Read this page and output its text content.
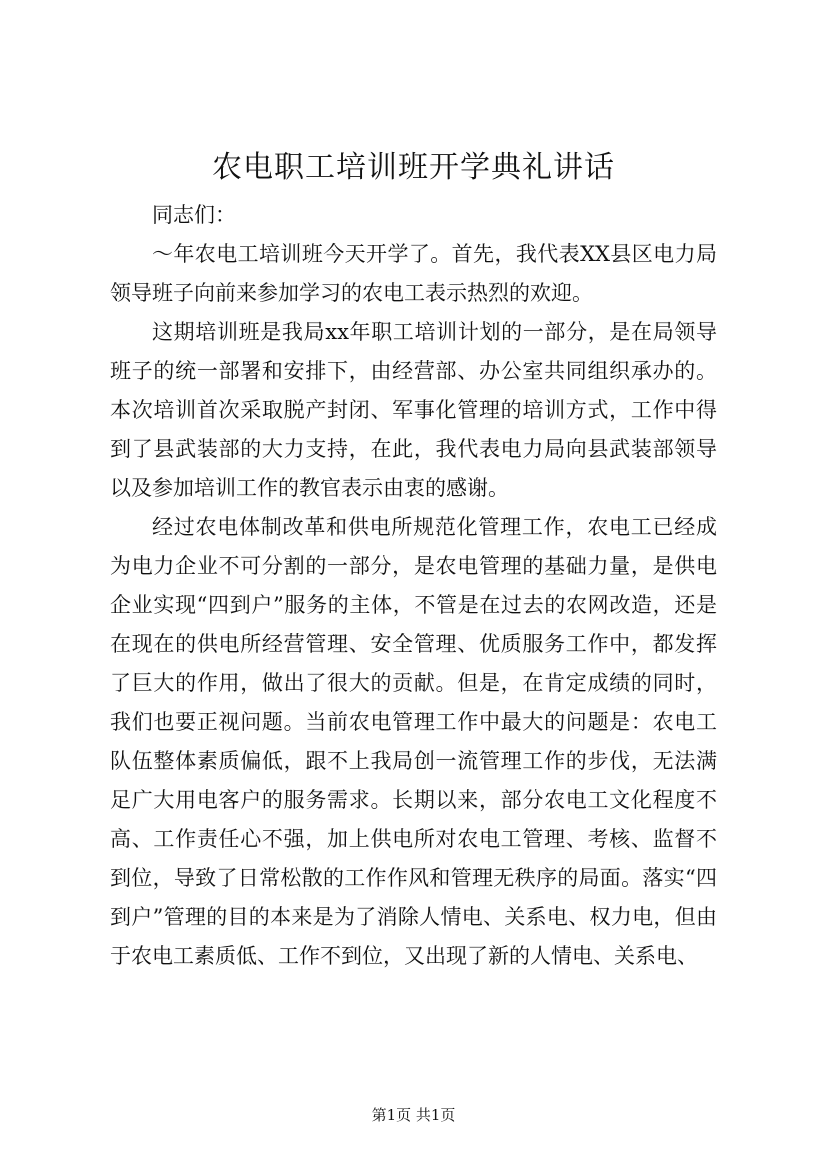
农电职工培训班开学典礼讲话

同志们：

～年农电工培训班今天开学了。首先，我代表XX县区电力局领导班子向前来参加学习的农电工表示热烈的欢迎。

这期培训班是我局xx年职工培训计划的一部分，是在局领导班子的统一部署和安排下，由经营部、办公室共同组织承办的。本次培训首次采取脱产封闭、军事化管理的培训方式，工作中得到了县武装部的大力支持，在此，我代表电力局向县武装部领导以及参加培训工作的教官表示由衷的感谢。

经过农电体制改革和供电所规范化管理工作，农电工已经成为电力企业不可分割的一部分，是农电管理的基础力量，是供电企业实现“四到户”服务的主体，不管是在过去的农网改造，还是在现在的供电所经营管理、安全管理、优质服务工作中，都发挥了巨大的作用，做出了很大的贡献。但是，在肯定成绩的同时，我们也要正视问题。当前农电管理工作中最大的问题是：农电工队伍整体素质偏低，跟不上我局创一流管理工作的步伐，无法满足广大用电客户的服务需求。长期以来，部分农电工文化程度不高、工作责任心不强，加上供电所对农电工管理、考核、监督不到位，导致了日常松散的工作作风和管理无秩序的局面。落实“四到户”管理的目的本来是为了消除人情电、关系电、权力电，但由于农电工素质低、工作不到位，又出现了新的人情电、关系电、

第1页 共1页
